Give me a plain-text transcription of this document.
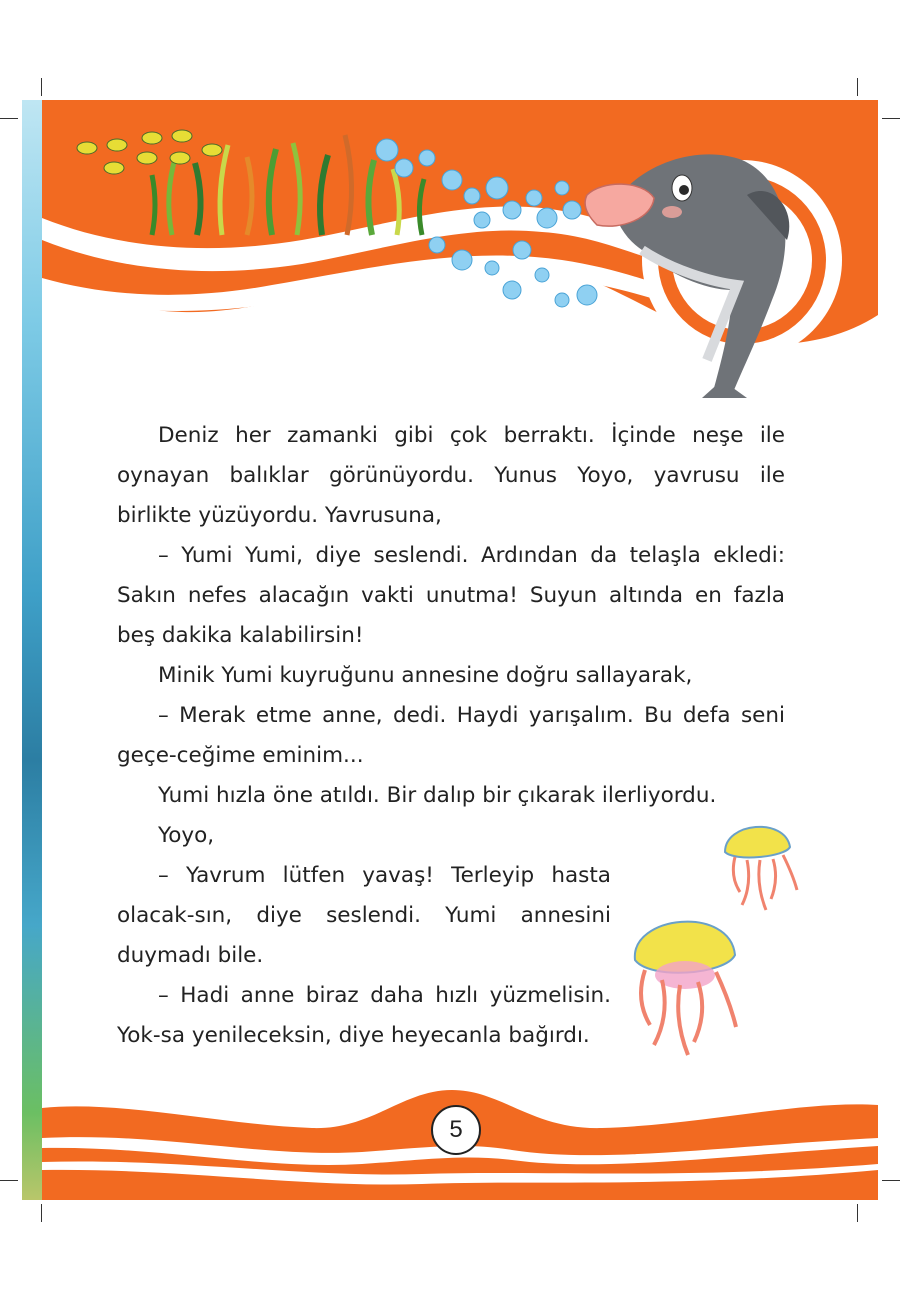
Deniz her zamanki gibi çok berraktı. İçinde neşe ile oynayan balıklar görünüyordu. Yunus Yoyo, yavrusu ile birlikte yüzüyordu. Yavrusuna,

– Yumi Yumi, diye seslendi. Ardından da telaşla ekledi: Sakın nefes alacağın vakti unutma! Suyun altında en fazla beş dakika kalabilirsin!

Minik Yumi kuyruğunu annesine doğru sallayarak,

– Merak etme anne, dedi. Haydi yarışalım. Bu defa seni geçe-ceğime eminim...

Yumi hızla öne atıldı. Bir dalıp bir çıkarak ilerliyordu.

Yoyo,

– Yavrum lütfen yavaş! Terleyip hasta olacak-sın, diye seslendi. Yumi annesini duymadı bile.

– Hadi anne biraz daha hızlı yüzmelisin. Yok-sa yenileceksin, diye heyecanla bağırdı.

5
